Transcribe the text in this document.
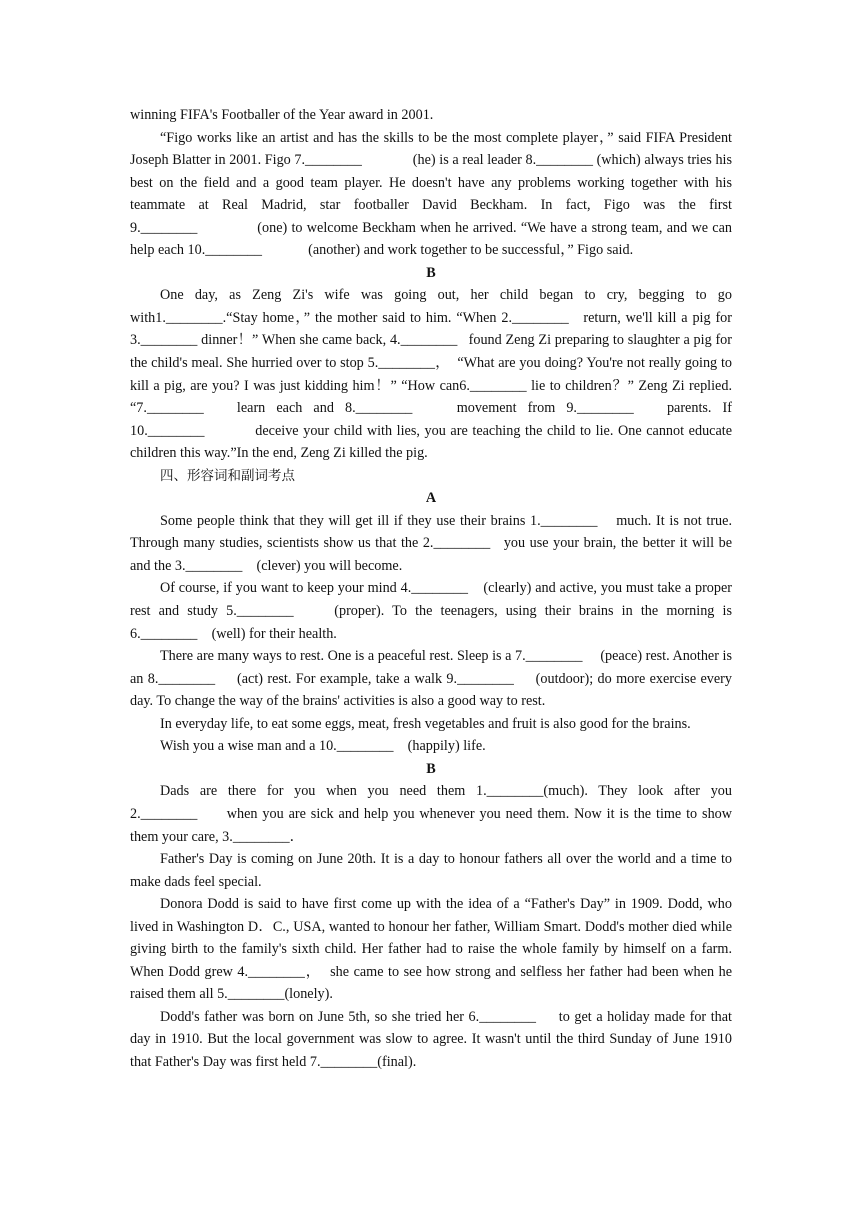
winning FIFA's Footballer of the Year award in 2001.

“Figo works like an artist and has the skills to be the most complete player，” said FIFA President Joseph Blatter in 2001. Figo 7.________              (he) is a real leader 8.________ (which) always tries his best on the field and a good team player. He doesn't have any problems working together with his teammate at Real Madrid, star footballer David Beckham. In fact, Figo was the first 9.________              (one) to welcome Beckham when he arrived. “We have a strong team, and we can help each 10.________             (another) and work together to be successful，” Figo said.

B

One day, as Zeng Zi's wife was going out, her child began to cry, begging to go with1.________.“Stay home，” the mother said to him. “When 2.________   return, we'll kill a pig for 3.________ dinner！” When she came back, 4.________   found Zeng Zi preparing to slaughter a pig for the child's meal. She hurried over to stop 5.________，  “What are you doing? You're not really going to kill a pig, are you? I was just kidding him！” “How can6.________ lie to children？” Zeng Zi replied. “7.________   learn each and 8.________    movement from 9.________   parents. If 10.________           deceive your child with lies, you are teaching the child to lie. One cannot educate children this way.”In the end, Zeng Zi killed the pig.

四、形容词和副词考点

A

Some people think that they will get ill if they use their brains 1.________    much. It is not true. Through many studies, scientists show us that the 2.________   you use your brain, the better it will be and the 3.________    (clever) you will become.

Of course, if you want to keep your mind 4.________    (clearly) and active, you must take a proper rest and study 5.________     (proper). To the teenagers, using their brains in the morning is 6.________    (well) for their health.

There are many ways to rest. One is a peaceful rest. Sleep is a 7.________     (peace) rest. Another is an 8.________     (act) rest. For example, take a walk 9.________     (outdoor); do more exercise every day. To change the way of the brains' activities is also a good way to rest.

In everyday life, to eat some eggs, meat, fresh vegetables and fruit is also good for the brains.

Wish you a wise man and a 10.________    (happily) life.

B

Dads are there for you when you need them 1.________(much). They look after you 2.________      when you are sick and help you whenever you need them. Now it is the time to show them your care, 3.________．

Father's Day is coming on June 20th. It is a day to honour fathers all over the world and a time to make dads feel special.

Donora Dodd is said to have first come up with the idea of a “Father's Day” in 1909. Dodd, who lived in Washington D．C., USA, wanted to honour her father, William Smart. Dodd's mother died while giving birth to the family's sixth child. Her father had to raise the whole family by himself on a farm. When Dodd grew 4.________，  she came to see how strong and selfless her father had been when he raised them all 5.________(lonely).

Dodd's father was born on June 5th, so she tried her 6.________     to get a holiday made for that day in 1910. But the local government was slow to agree. It wasn't until the third Sunday of June 1910 that Father's Day was first held 7.________(final).
